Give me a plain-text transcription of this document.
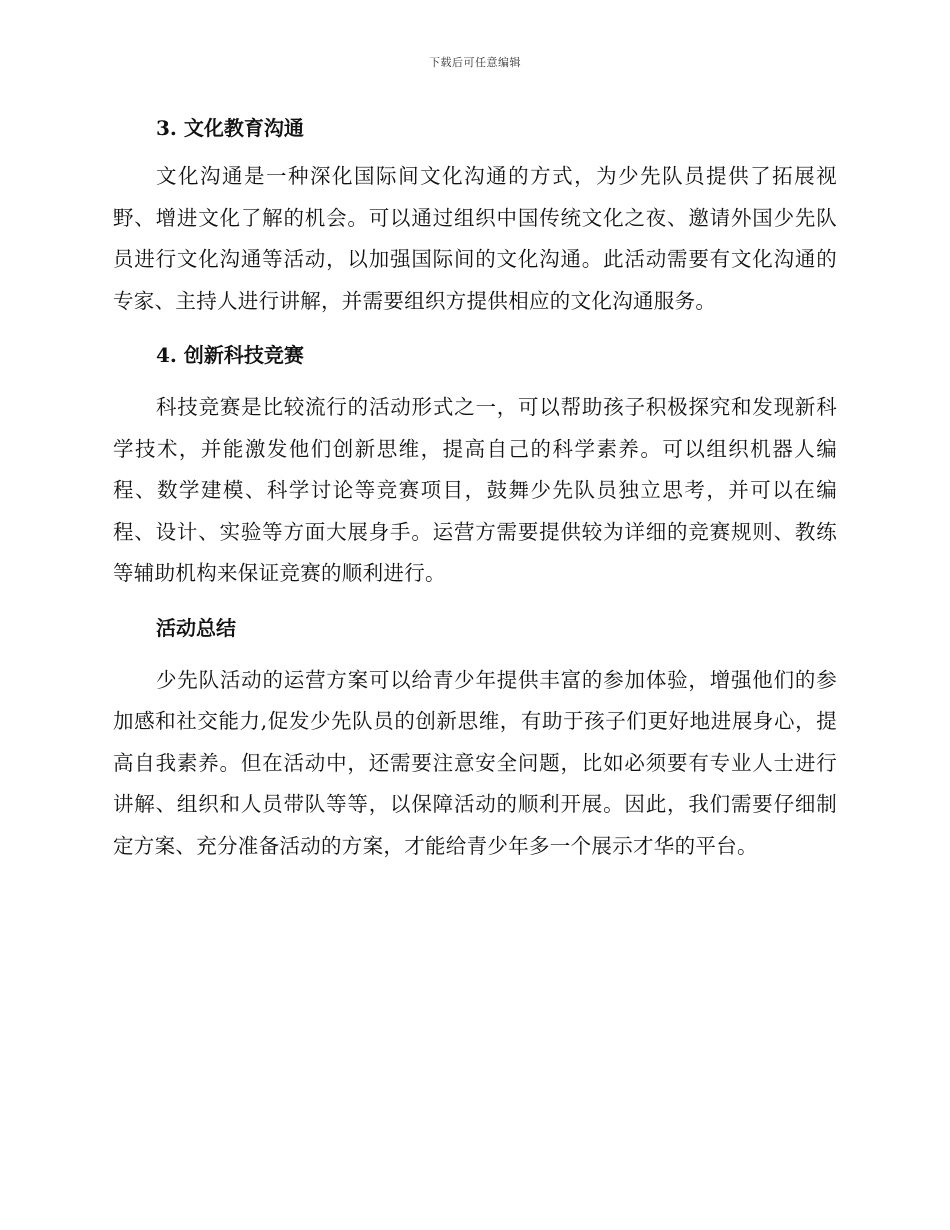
下载后可任意编辑
3. 文化教育沟通

文化沟通是一种深化国际间文化沟通的方式，为少先队员提供了拓展视野、增进文化了解的机会。可以通过组织中国传统文化之夜、邀请外国少先队员进行文化沟通等活动，以加强国际间的文化沟通。此活动需要有文化沟通的专家、主持人进行讲解，并需要组织方提供相应的文化沟通服务。

4. 创新科技竞赛

科技竞赛是比较流行的活动形式之一，可以帮助孩子积极探究和发现新科学技术，并能激发他们创新思维，提高自己的科学素养。可以组织机器人编程、数学建模、科学讨论等竞赛项目，鼓舞少先队员独立思考，并可以在编程、设计、实验等方面大展身手。运营方需要提供较为详细的竞赛规则、教练等辅助机构来保证竞赛的顺利进行。

活动总结

少先队活动的运营方案可以给青少年提供丰富的参加体验，增强他们的参加感和社交能力,促发少先队员的创新思维，有助于孩子们更好地进展身心，提高自我素养。但在活动中，还需要注意安全问题，比如必须要有专业人士进行讲解、组织和人员带队等等，以保障活动的顺利开展。因此，我们需要仔细制定方案、充分准备活动的方案，才能给青少年多一个展示才华的平台。
